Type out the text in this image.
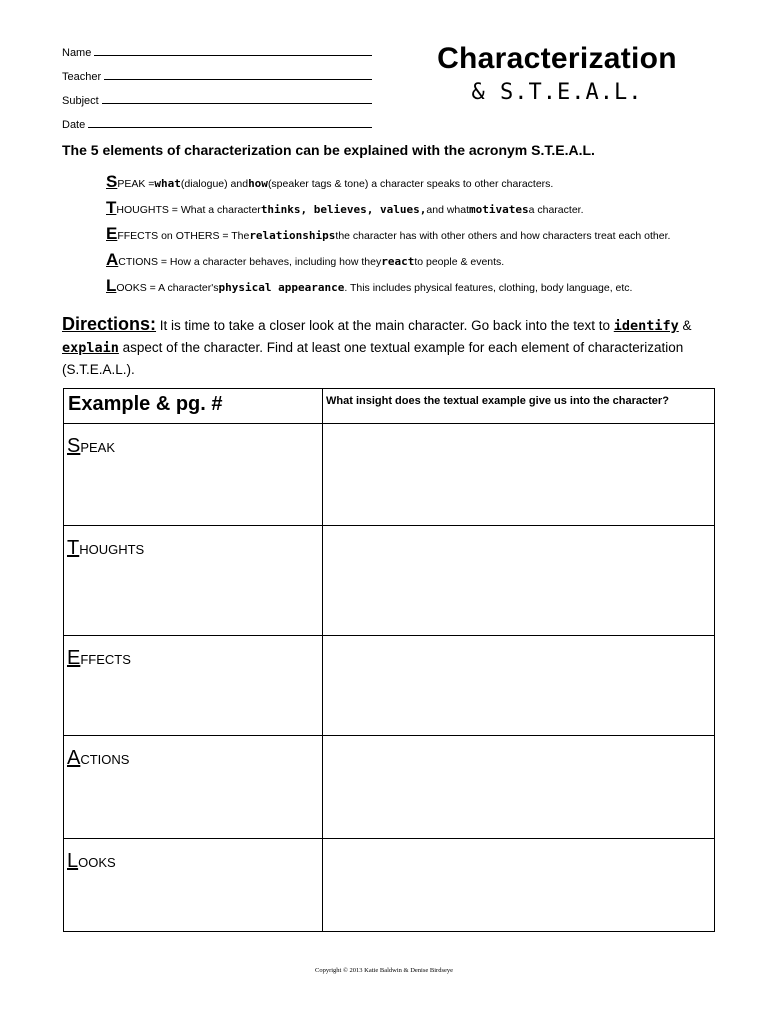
Name
Teacher
Subject
Date
Characterization
& S.T.E.A.L.
The 5 elements of characterization can be explained with the acronym S.T.E.A.L.
S PEAK = what (dialogue) and how (speaker tags & tone) a character speaks to other characters.
T HOUGHTS = What a character thinks, believes, values, and what motivates a character.
E FFECTS on OTHERS = The relationships the character has with other others and how characters treat each other.
A CTIONS = How a character behaves, including how they react to people & events.
L OOKS = A character's physical appearance . This includes physical features, clothing, body language, etc.
Directions: It is time to take a closer look at the main character. Go back into the text to identify & explain aspect of the character. Find at least one textual example for each element of characterization (S.T.E.A.L.).
Example & pg. #	What insight does the textual example give us into the character?
SPEAK	
THOUGHTS	
EFFECTS	
ACTIONS	
LOOKS	
Copyright © 2013 Katie Baldwin & Denise Birdseye
